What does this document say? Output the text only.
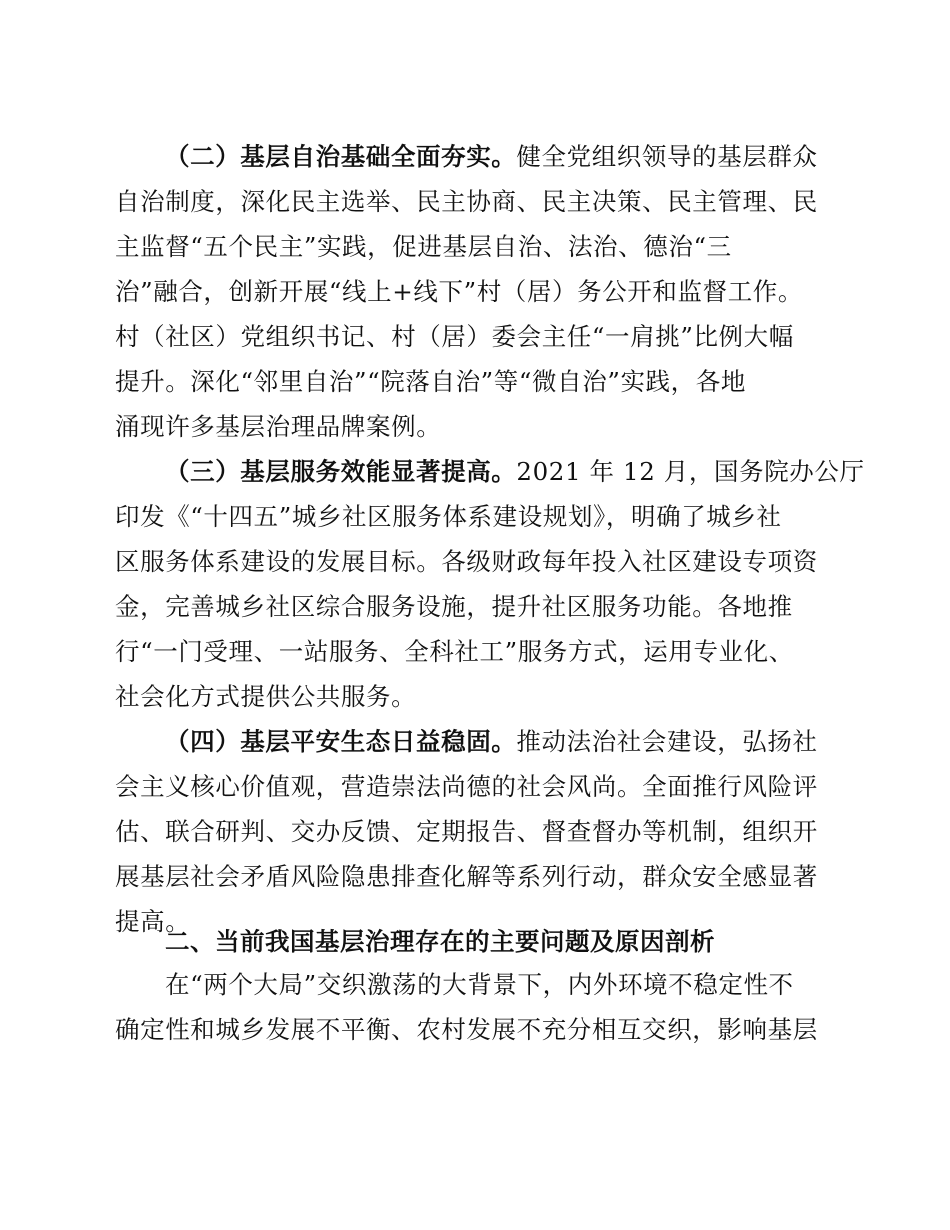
（二）基层自治基础全面夯实。健全党组织领导的基层群众
自治制度，深化民主选举、民主协商、民主决策、民主管理、民
主监督“五个民主”实践，促进基层自治、法治、德治“三
治”融合，创新开展“线上+线下”村（居）务公开和监督工作。
村（社区）党组织书记、村（居）委会主任“一肩挑”比例大幅
提升。深化“邻里自治”“院落自治”等“微自治”实践，各地
涌现许多基层治理品牌案例。
（三）基层服务效能显著提高。2021 年 12 月，国务院办公厅
印发《“十四五”城乡社区服务体系建设规划》，明确了城乡社
区服务体系建设的发展目标。各级财政每年投入社区建设专项资
金，完善城乡社区综合服务设施，提升社区服务功能。各地推
行“一门受理、一站服务、全科社工”服务方式，运用专业化、
社会化方式提供公共服务。
（四）基层平安生态日益稳固。推动法治社会建设，弘扬社
会主义核心价值观，营造崇法尚德的社会风尚。全面推行风险评
估、联合研判、交办反馈、定期报告、督查督办等机制，组织开
展基层社会矛盾风险隐患排查化解等系列行动，群众安全感显著
提高。
二、当前我国基层治理存在的主要问题及原因剖析
在“两个大局”交织激荡的大背景下，内外环境不稳定性不
确定性和城乡发展不平衡、农村发展不充分相互交织，影响基层
